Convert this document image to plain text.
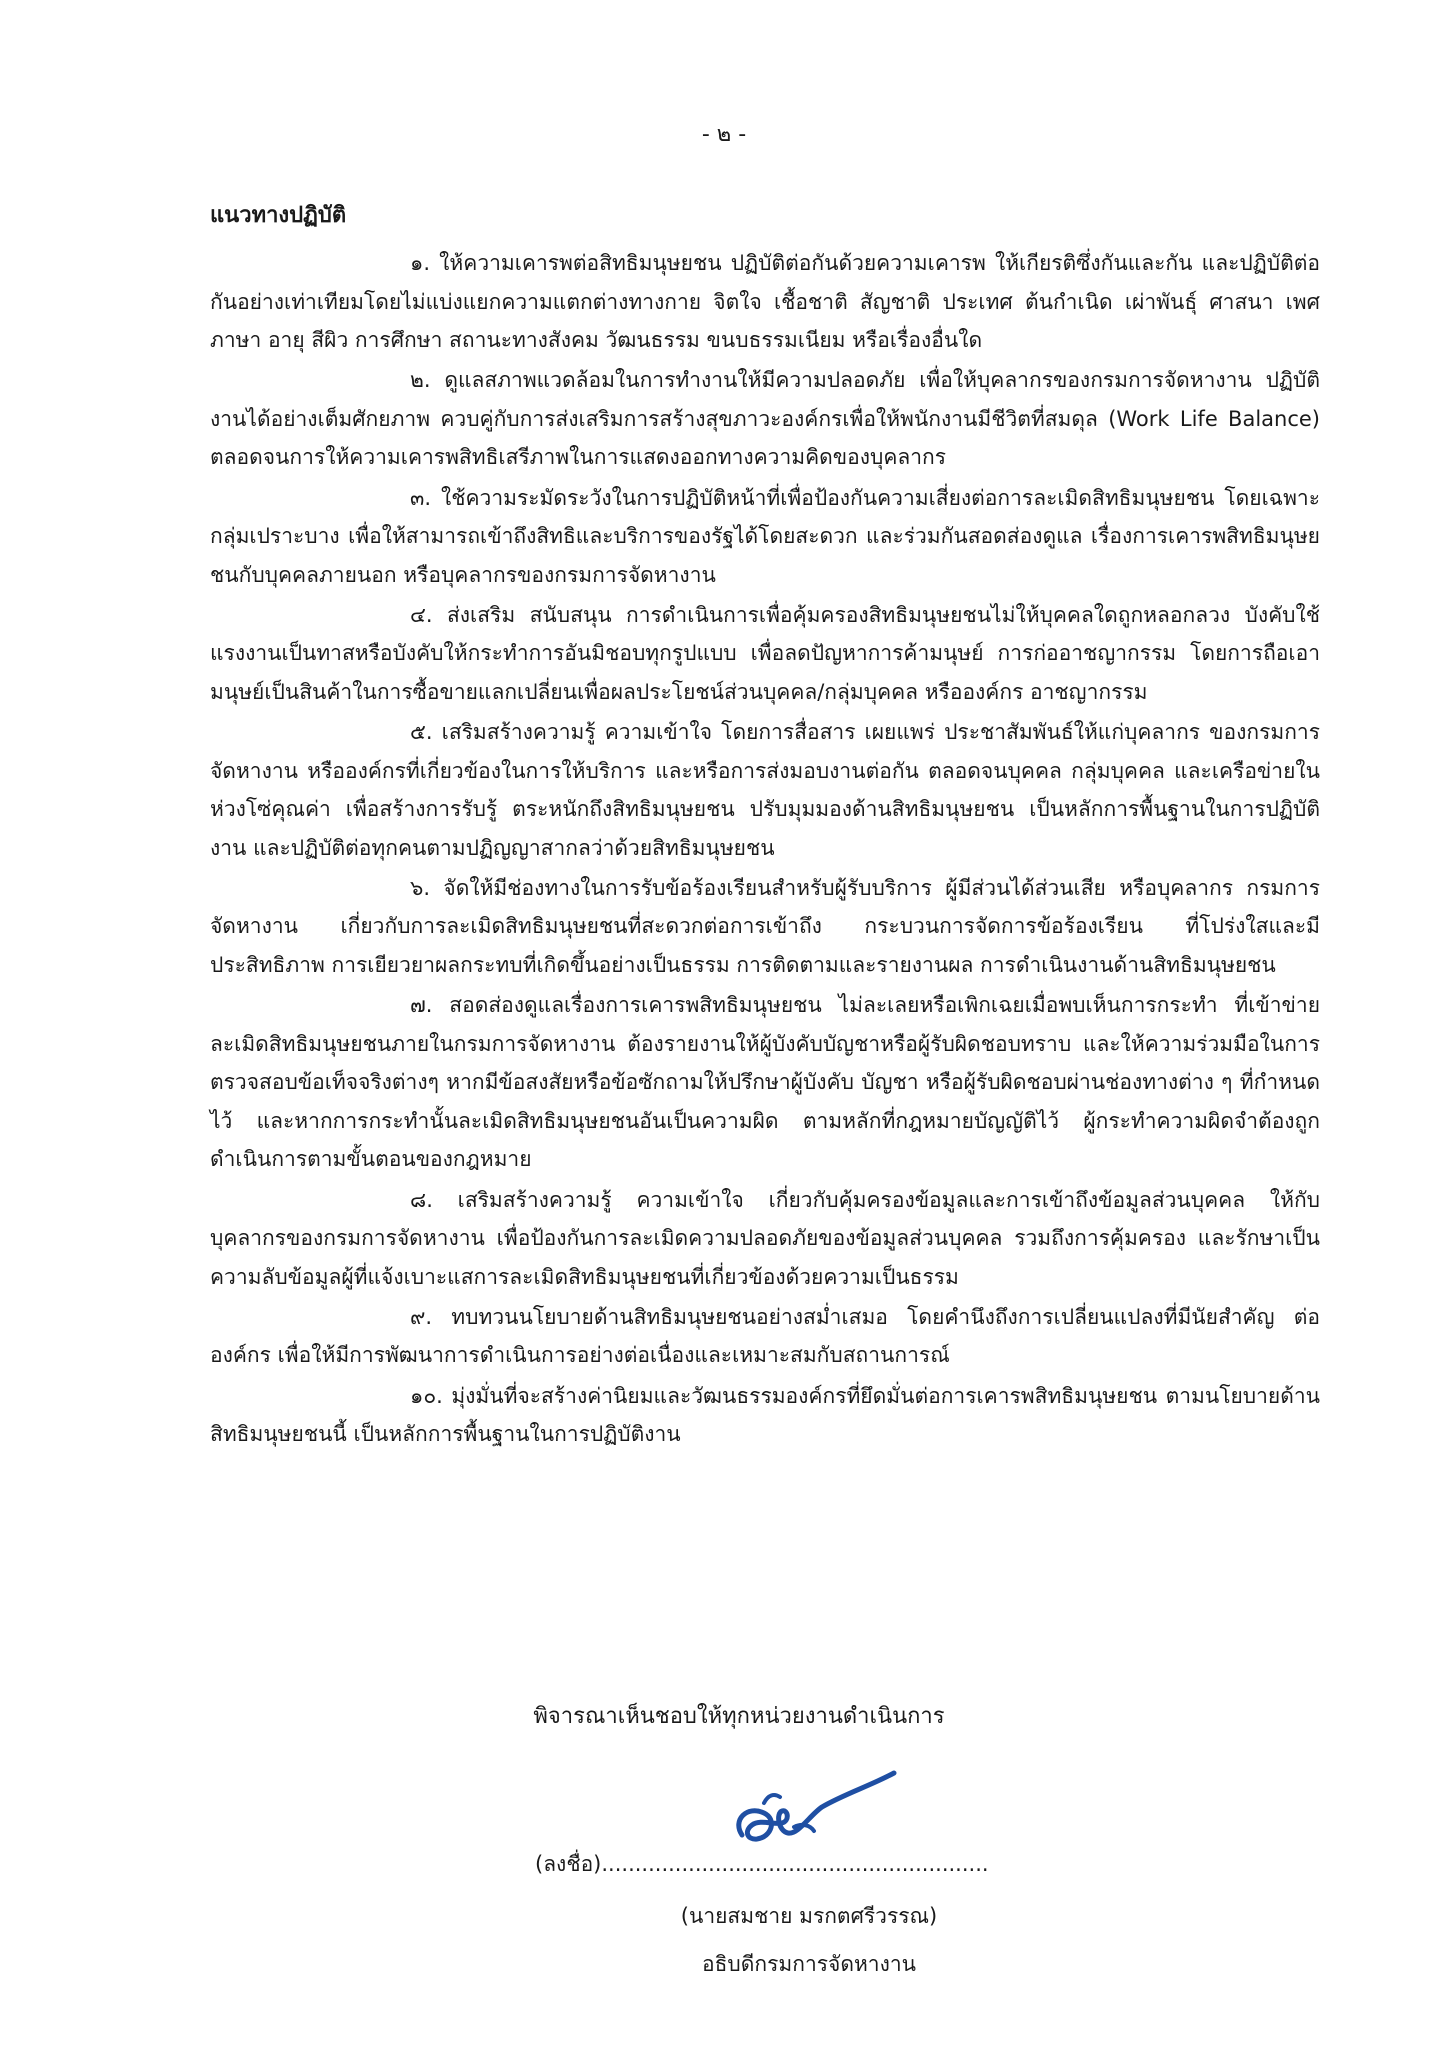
- ๒ -
แนวทางปฏิบัติ

๑. ให้ความเคารพต่อสิทธิมนุษยชน ปฏิบัติต่อกันด้วยความเคารพ ให้เกียรติซึ่งกันและกัน และปฏิบัติต่อกันอย่างเท่าเทียมโดยไม่แบ่งแยกความแตกต่างทางกาย จิตใจ เชื้อชาติ สัญชาติ ประเทศ ต้นกำเนิด เผ่าพันธุ์ ศาสนา เพศ ภาษา อายุ สีผิว การศึกษา สถานะทางสังคม วัฒนธรรม ขนบธรรมเนียม หรือเรื่องอื่นใด

๒. ดูแลสภาพแวดล้อมในการทำงานให้มีความปลอดภัย เพื่อให้บุคลากรของกรมการจัดหางาน ปฏิบัติงานได้อย่างเต็มศักยภาพ ควบคู่กับการส่งเสริมการสร้างสุขภาวะองค์กรเพื่อให้พนักงานมีชีวิตที่สมดุล (Work Life Balance) ตลอดจนการให้ความเคารพสิทธิเสรีภาพในการแสดงออกทางความคิดของบุคลากร

๓. ใช้ความระมัดระวังในการปฏิบัติหน้าที่เพื่อป้องกันความเสี่ยงต่อการละเมิดสิทธิมนุษยชน โดยเฉพาะกลุ่มเปราะบาง เพื่อให้สามารถเข้าถึงสิทธิและบริการของรัฐได้โดยสะดวก และร่วมกันสอดส่องดูแล เรื่องการเคารพสิทธิมนุษยชนกับบุคคลภายนอก หรือบุคลากรของกรมการจัดหางาน

๔. ส่งเสริม สนับสนุน การดำเนินการเพื่อคุ้มครองสิทธิมนุษยชนไม่ให้บุคคลใดถูกหลอกลวง บังคับใช้แรงงานเป็นทาสหรือบังคับให้กระทำการอันมิชอบทุกรูปแบบ เพื่อลดปัญหาการค้ามนุษย์ การก่ออาชญากรรม โดยการถือเอามนุษย์เป็นสินค้าในการซื้อขายแลกเปลี่ยนเพื่อผลประโยชน์ส่วนบุคคล/กลุ่มบุคคล หรือองค์กร อาชญากรรม

๕. เสริมสร้างความรู้ ความเข้าใจ โดยการสื่อสาร เผยแพร่ ประชาสัมพันธ์ให้แก่บุคลากร ของกรมการจัดหางาน หรือองค์กรที่เกี่ยวข้องในการให้บริการ และหรือการส่งมอบงานต่อกัน ตลอดจนบุคคล กลุ่มบุคคล และเครือข่ายในห่วงโซ่คุณค่า เพื่อสร้างการรับรู้ ตระหนักถึงสิทธิมนุษยชน ปรับมุมมองด้านสิทธิมนุษยชน เป็นหลักการพื้นฐานในการปฏิบัติงาน และปฏิบัติต่อทุกคนตามปฏิญญาสากลว่าด้วยสิทธิมนุษยชน

๖. จัดให้มีช่องทางในการรับข้อร้องเรียนสำหรับผู้รับบริการ ผู้มีส่วนได้ส่วนเสีย หรือบุคลากร กรมการจัดหางาน เกี่ยวกับการละเมิดสิทธิมนุษยชนที่สะดวกต่อการเข้าถึง กระบวนการจัดการข้อร้องเรียน ที่โปร่งใสและมีประสิทธิภาพ การเยียวยาผลกระทบที่เกิดขึ้นอย่างเป็นธรรม การติดตามและรายงานผล การดำเนินงานด้านสิทธิมนุษยชน

๗. สอดส่องดูแลเรื่องการเคารพสิทธิมนุษยชน ไม่ละเลยหรือเพิกเฉยเมื่อพบเห็นการกระทำ ที่เข้าข่ายละเมิดสิทธิมนุษยชนภายในกรมการจัดหางาน ต้องรายงานให้ผู้บังคับบัญชาหรือผู้รับผิดชอบทราบ และให้ความร่วมมือในการตรวจสอบข้อเท็จจริงต่างๆ หากมีข้อสงสัยหรือข้อซักถามให้ปรึกษาผู้บังคับ บัญชา หรือผู้รับผิดชอบผ่านช่องทางต่าง ๆ ที่กำหนดไว้ และหากการกระทำนั้นละเมิดสิทธิมนุษยชนอันเป็นความผิด ตามหลักที่กฎหมายบัญญัติไว้ ผู้กระทำความผิดจำต้องถูกดำเนินการตามขั้นตอนของกฎหมาย

๘. เสริมสร้างความรู้ ความเข้าใจ เกี่ยวกับคุ้มครองข้อมูลและการเข้าถึงข้อมูลส่วนบุคคล ให้กับบุคลากรของกรมการจัดหางาน เพื่อป้องกันการละเมิดความปลอดภัยของข้อมูลส่วนบุคคล รวมถึงการคุ้มครอง และรักษาเป็นความลับข้อมูลผู้ที่แจ้งเบาะแสการละเมิดสิทธิมนุษยชนที่เกี่ยวข้องด้วยความเป็นธรรม

๙. ทบทวนนโยบายด้านสิทธิมนุษยชนอย่างสม่ำเสมอ โดยคำนึงถึงการเปลี่ยนแปลงที่มีนัยสำคัญ ต่อองค์กร เพื่อให้มีการพัฒนาการดำเนินการอย่างต่อเนื่องและเหมาะสมกับสถานการณ์

๑๐. มุ่งมั่นที่จะสร้างค่านิยมและวัฒนธรรมองค์กรที่ยึดมั่นต่อการเคารพสิทธิมนุษยชน ตามนโยบายด้านสิทธิมนุษยชนนี้ เป็นหลักการพื้นฐานในการปฏิบัติงาน

พิจารณาเห็นชอบให้ทุกหน่วยงานดำเนินการ
(ลงชื่อ)..........................................................
(นายสมชาย มรกตศรีวรรณ)
อธิบดีกรมการจัดหางาน
